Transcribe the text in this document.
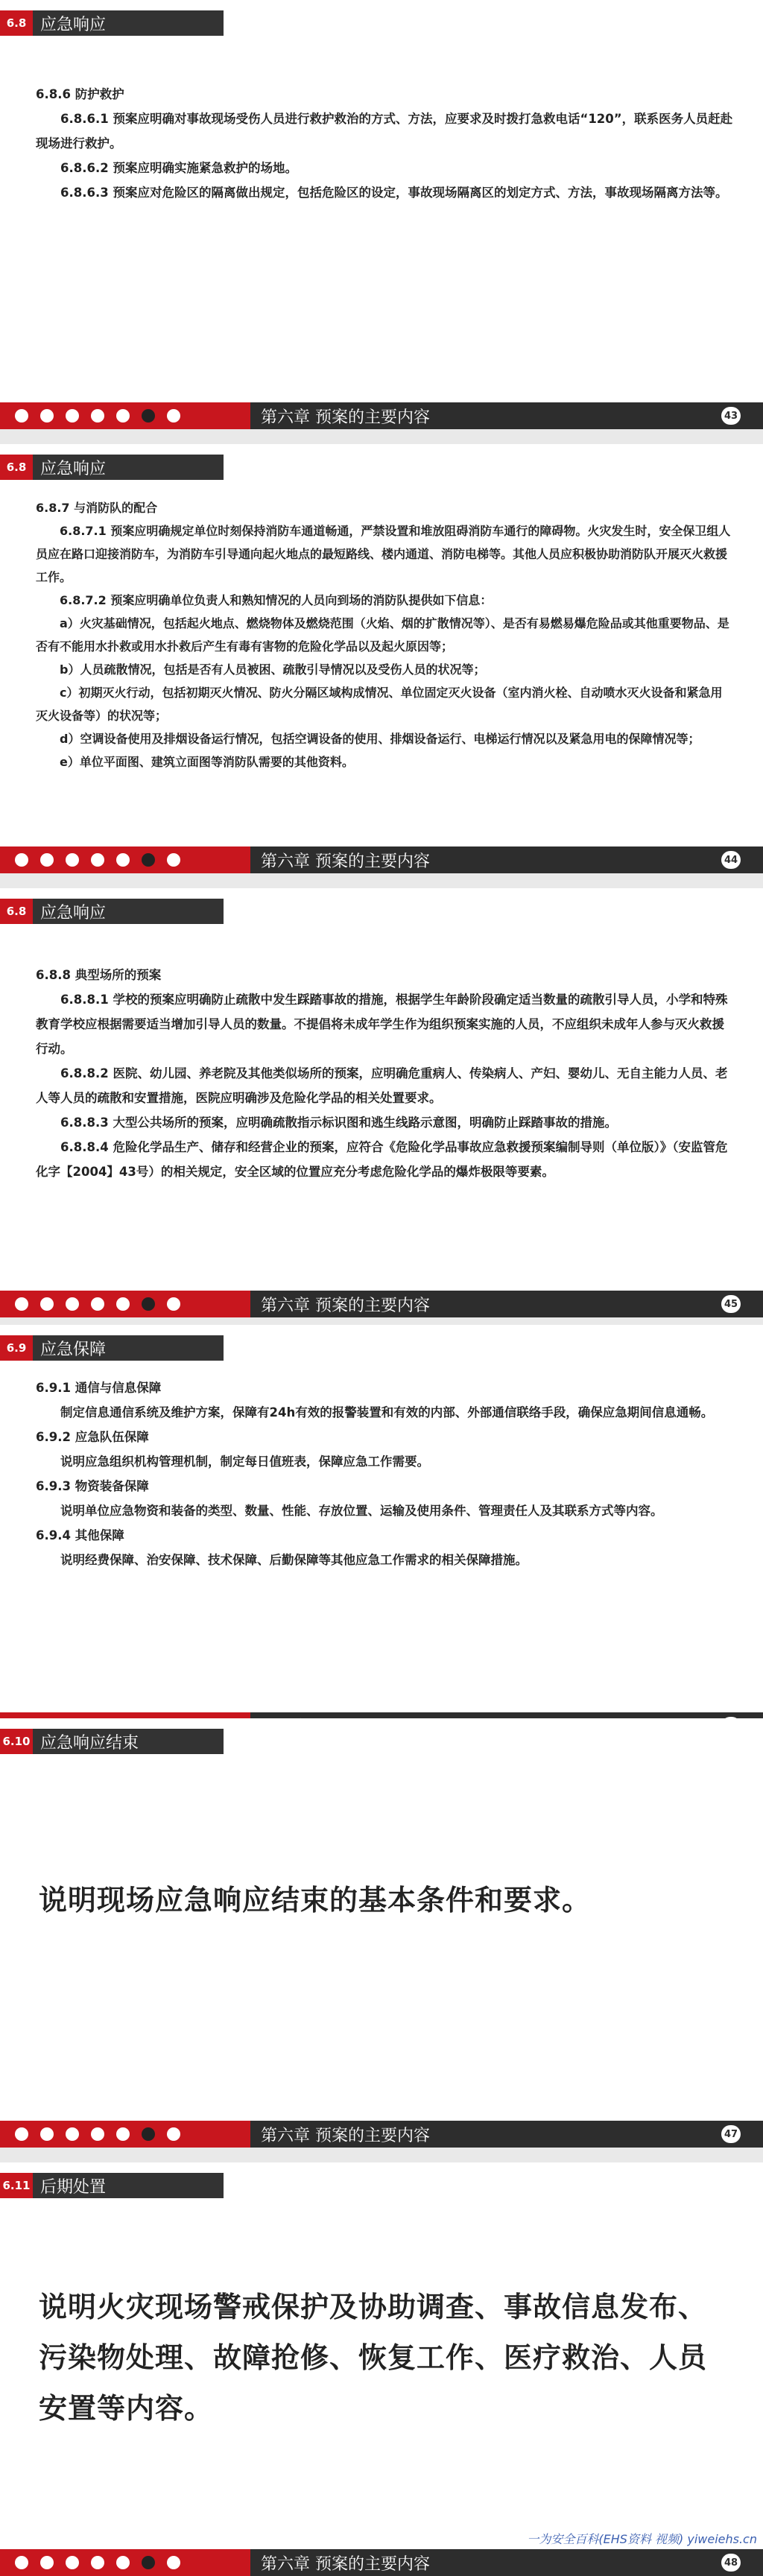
6.8 应急响应

6.8.6 防护救护

6.8.6.1 预案应明确对事故现场受伤人员进行救护救治的方式、方法，应要求及时拨打急救电话“120”，联系医务人员赶赴现场进行救护。

6.8.6.2 预案应明确实施紧急救护的场地。

6.8.6.3 预案应对危险区的隔离做出规定，包括危险区的设定，事故现场隔离区的划定方式、方法，事故现场隔离方法等。

第六章 预案的主要内容	43
6.8 应急响应

6.8.7 与消防队的配合

6.8.7.1 预案应明确规定单位时刻保持消防车通道畅通，严禁设置和堆放阻碍消防车通行的障碍物。火灾发生时，安全保卫组人员应在路口迎接消防车，为消防车引导通向起火地点的最短路线、楼内通道、消防电梯等。其他人员应积极协助消防队开展灭火救援工作。

6.8.7.2 预案应明确单位负责人和熟知情况的人员向到场的消防队提供如下信息：

a）火灾基础情况，包括起火地点、燃烧物体及燃烧范围（火焰、烟的扩散情况等）、是否有易燃易爆危险品或其他重要物品、是否有不能用水扑救或用水扑救后产生有毒有害物的危险化学品以及起火原因等；

b）人员疏散情况，包括是否有人员被困、疏散引导情况以及受伤人员的状况等；

c）初期灭火行动，包括初期灭火情况、防火分隔区域构成情况、单位固定灭火设备（室内消火栓、自动喷水灭火设备和紧急用灭火设备等）的状况等；

d）空调设备使用及排烟设备运行情况，包括空调设备的使用、排烟设备运行、电梯运行情况以及紧急用电的保障情况等；

e）单位平面图、建筑立面图等消防队需要的其他资料。

第六章 预案的主要内容	44
6.8 应急响应

6.8.8 典型场所的预案

6.8.8.1 学校的预案应明确防止疏散中发生踩踏事故的措施，根据学生年龄阶段确定适当数量的疏散引导人员，小学和特殊教育学校应根据需要适当增加引导人员的数量。不提倡将未成年学生作为组织预案实施的人员，不应组织未成年人参与灭火救援行动。

6.8.8.2 医院、幼儿园、养老院及其他类似场所的预案，应明确危重病人、传染病人、产妇、婴幼儿、无自主能力人员、老人等人员的疏散和安置措施，医院应明确涉及危险化学品的相关处置要求。

6.8.8.3 大型公共场所的预案，应明确疏散指示标识图和逃生线路示意图，明确防止踩踏事故的措施。

6.8.8.4 危险化学品生产、储存和经营企业的预案，应符合《危险化学品事故应急救援预案编制导则（单位版）》（安监管危化字【2004】43号）的相关规定，安全区域的位置应充分考虑危险化学品的爆炸极限等要素。

第六章 预案的主要内容	45
6.9 应急保障

6.9.1 通信与信息保障

制定信息通信系统及维护方案，保障有24h有效的报警装置和有效的内部、外部通信联络手段，确保应急期间信息通畅。

6.9.2 应急队伍保障

说明应急组织机构管理机制，制定每日值班表，保障应急工作需要。

6.9.3 物资装备保障

说明单位应急物资和装备的类型、数量、性能、存放位置、运输及使用条件、管理责任人及其联系方式等内容。

6.9.4 其他保障

说明经费保障、治安保障、技术保障、后勤保障等其他应急工作需求的相关保障措施。

6.10 应急响应结束
说明现场应急响应结束的基本条件和要求。
第六章 预案的主要内容	47
6.11 后期处置
说明火灾现场警戒保护及协助调查、事故信息发布、污染物处理、故障抢修、恢复工作、医疗救治、人员安置等内容。
第六章 预案的主要内容	48
一为安全百科(EHS资料 视频) yiweiehs.cn
